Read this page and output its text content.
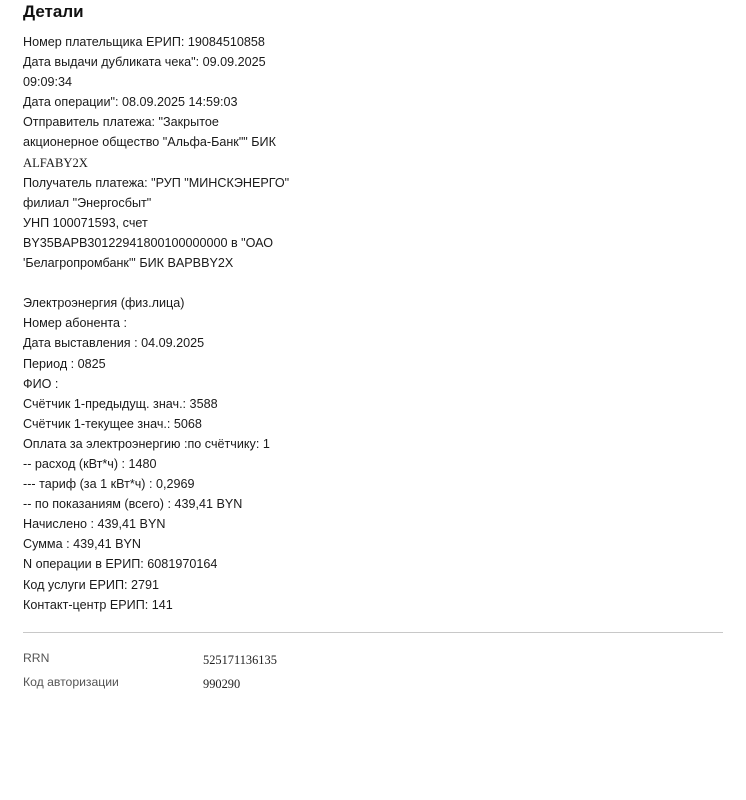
Детали
Номер плательщика ЕРИП: 19084510858
Дата выдачи дубликата чека": 09.09.2025
09:09:34
Дата операции": 08.09.2025 14:59:03
Отправитель платежа: "Закрытое
акционерное общество "Альфа-Банк"" БИК
ALFABY2X
Получатель платежа: "РУП "МИНСКЭНЕРГО"
филиал "Энергосбыт"
УНП 100071593, счет
BY35BAPB30122941800100000000 в "ОАО
'Белагропромбанк"' БИК BAPBBY2X
Электроэнергия (физ.лица)
Номер абонента :
Дата выставления : 04.09.2025
Период : 0825
ФИО :
Счётчик 1-предыдущ. знач.: 3588
Счётчик 1-текущее знач.: 5068
Оплата за электроэнергию :по счётчику: 1
-- расход (кВт*ч) : 1480
--- тариф (за 1 кВт*ч) : 0,2969
-- по показаниям (всего) : 439,41 BYN
Начислено : 439,41 BYN
Сумма : 439,41 BYN
N операции в ЕРИП: 6081970164
Код услуги ЕРИП: 2791
Контакт-центр ЕРИП: 141
RRN	525171136135
Код авторизации	990290
